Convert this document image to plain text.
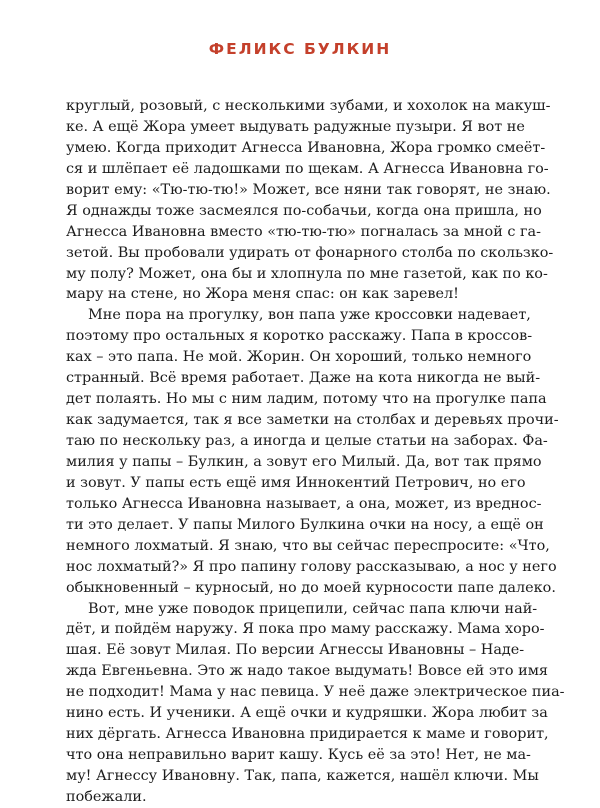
ФЕЛИКС БУЛКИН
круглый, розовый, с несколькими зубами, и хохолок на макуш-
ке. А ещё Жора умеет выдувать радужные пузыри. Я вот не
умею. Когда приходит Агнесса Ивановна, Жора громко смеёт-
ся и шлёпает её ладошками по щекам. А Агнесса Ивановна го-
ворит ему: «Тю-тю-тю!» Может, все няни так говорят, не знаю.
Я однажды тоже засмеялся по-собачьи, когда она пришла, но
Агнесса Ивановна вместо «тю-тю-тю» погналась за мной с га-
зетой. Вы пробовали удирать от фонарного столба по скользко-
му полу? Может, она бы и хлопнула по мне газетой, как по ко-
мару на стене, но Жора меня спас: он как заревел!
Мне пора на прогулку, вон папа уже кроссовки надевает,
поэтому про остальных я коротко расскажу. Папа в кроссов-
ках – это папа. Не мой. Жорин. Он хороший, только немного
странный. Всё время работает. Даже на кота никогда не вый-
дет полаять. Но мы с ним ладим, потому что на прогулке папа
как задумается, так я все заметки на столбах и деревьях прочи-
таю по нескольку раз, а иногда и целые статьи на заборах. Фа-
милия у папы – Булкин, а зовут его Милый. Да, вот так прямо
и зовут. У папы есть ещё имя Иннокентий Петрович, но его
только Агнесса Ивановна называет, а она, может, из вреднос-
ти это делает. У папы Милого Булкина очки на носу, а ещё он
немного лохматый. Я знаю, что вы сейчас переспросите: «Что,
нос лохматый?» Я про папину голову рассказываю, а нос у него
обыкновенный – курносый, но до моей курносости папе далеко.
Вот, мне уже поводок прицепили, сейчас папа ключи най-
дёт, и пойдём наружу. Я пока про маму расскажу. Мама хоро-
шая. Её зовут Милая. По версии Агнессы Ивановны – Наде-
жда Евгеньевна. Это ж надо такое выдумать! Вовсе ей это имя
не подходит! Мама у нас певица. У неё даже электрическое пиа-
нино есть. И ученики. А ещё очки и кудряшки. Жора любит за
них дёргать. Агнесса Ивановна придирается к маме и говорит,
что она неправильно варит кашу. Кусь её за это! Нет, не ма-
му! Агнессу Ивановну. Так, папа, кажется, нашёл ключи. Мы
побежали.
